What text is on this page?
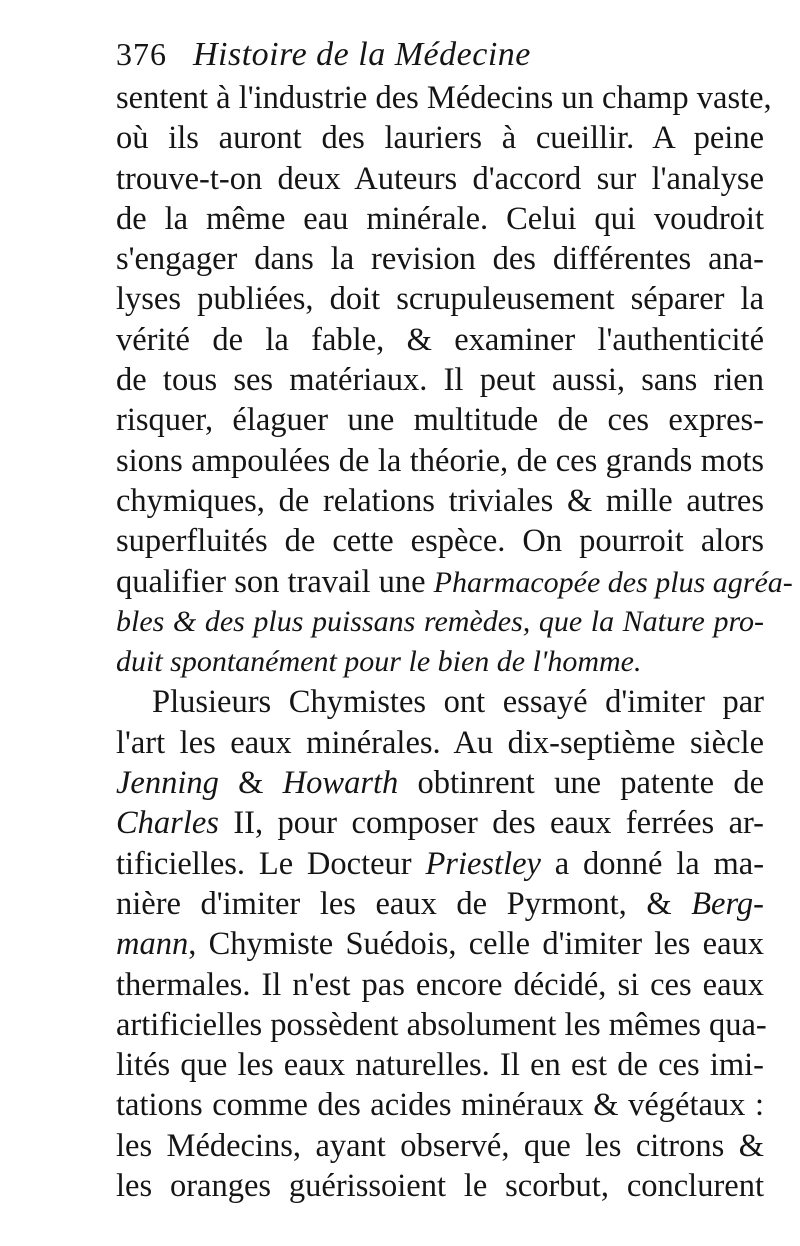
376 Histoire de la Médecine
sentent à l'industrie des Médecins un champ vaste,
où ils auront des lauriers à cueillir. A peine
trouve-t-on deux Auteurs d'accord sur l'analyse
de la même eau minérale. Celui qui voudroit
s'engager dans la revision des différentes ana-
lyses publiées, doit scrupuleusement séparer la
vérité de la fable, & examiner l'authenticité
de tous ses matériaux. Il peut aussi, sans rien
risquer, élaguer une multitude de ces expres-
sions ampoulées de la théorie, de ces grands mots
chymiques, de relations triviales & mille autres
superfluités de cette espèce. On pourroit alors
qualifier son travail une Pharmacopée des plus agréa-
bles & des plus puissans remèdes, que la Nature pro-
duit spontanément pour le bien de l'homme.
Plusieurs Chymistes ont essayé d'imiter par
l'art les eaux minérales. Au dix-septième siècle
Jenning & Howarth obtinrent une patente de
Charles II, pour composer des eaux ferrées ar-
tificielles. Le Docteur Priestley a donné la ma-
nière d'imiter les eaux de Pyrmont, & Berg-
mann, Chymiste Suédois, celle d'imiter les eaux
thermales. Il n'est pas encore décidé, si ces eaux
artificielles possèdent absolument les mêmes qua-
lités que les eaux naturelles. Il en est de ces imi-
tations comme des acides minéraux & végétaux :
les Médecins, ayant observé, que les citrons &
les oranges guérissoient le scorbut, conclurent
